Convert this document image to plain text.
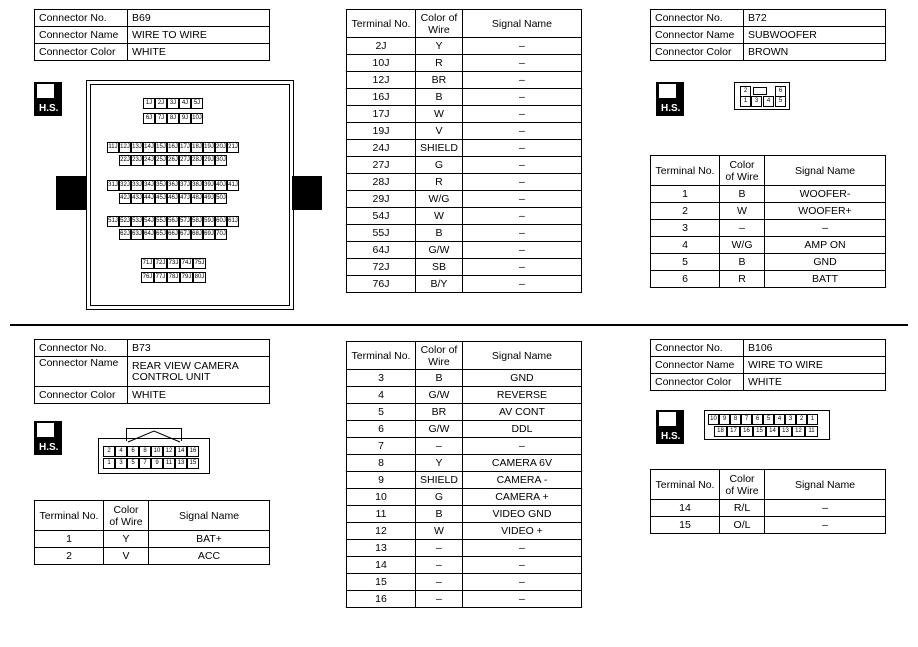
Connector No.	B69
Connector Name	WIRE TO WIRE
Connector Color	WHITE
H.S.	1J 2J 3J 4J 5J
6J 7J 8J 9J 10J
11J 12J 13J 14J 15J 16J 17J 18J 19J 20J 21J
22J 23J 24J 25J 26J 27J 28J 29J 30J
31J 32J 33J 34J 35J 36J 37J 38J 39J 40J 41J
42J 43J 44J 45J 46J 47J 48J 49J 50J
51J 52J 53J 54J 55J 56J 57J 58J 59J 60J 61J
62J 63J 64J 65J 66J 67J 68J 69J 70J
71J 72J 73J 74J 75J
76J 77J 78J 79J 80J
Terminal No.	Color of Wire	Signal Name
2J	Y	–
10J	R	–
12J	BR	–
16J	B	–
17J	W	–
19J	V	–
24J	SHIELD	–
27J	G	–
28J	R	–
29J	W/G	–
54J	W	–
55J	B	–
64J	G/W	–
72J	SB	–
76J	B/Y	–
Connector No.	B72
Connector Name	SUBWOOFER
Connector Color	BROWN
H.S.
2	6
1	3	4	5
Terminal No.	Color of Wire	Signal Name
1	B	WOOFER-
2	W	WOOFER+
3	–	–
4	W/G	AMP ON
5	B	GND
6	R	BATT
Connector No.	B73
Connector Name	REAR VIEW CAMERA CONTROL UNIT
Connector Color	WHITE
H.S.	2	4	6	8	10 12 14 16
1	3	5	7	9	11 13 15
Terminal No.	Color of Wire	Signal Name
1	Y	BAT+
2	V	ACC
Terminal No.	Color of Wire	Signal Name
3	B	GND
4	G/W	REVERSE
5	BR	AV CONT
6	G/W	DDL
7	–	–
8	Y	CAMERA 6V
9	SHIELD	CAMERA -
10	G	CAMERA +
11	B	VIDEO GND
12	W	VIDEO +
13	–	–
14	–	–
15	–	–
16	–	–
Connector No.	B106
Connector Name	WIRE TO WIRE
Connector Color	WHITE
H.S.
10 9	8	7	6	5	4	3	2	1
18	17	16	15	14	13	12	11
Terminal No.	Color of Wire	Signal Name
14	R/L	–
15	O/L	–
